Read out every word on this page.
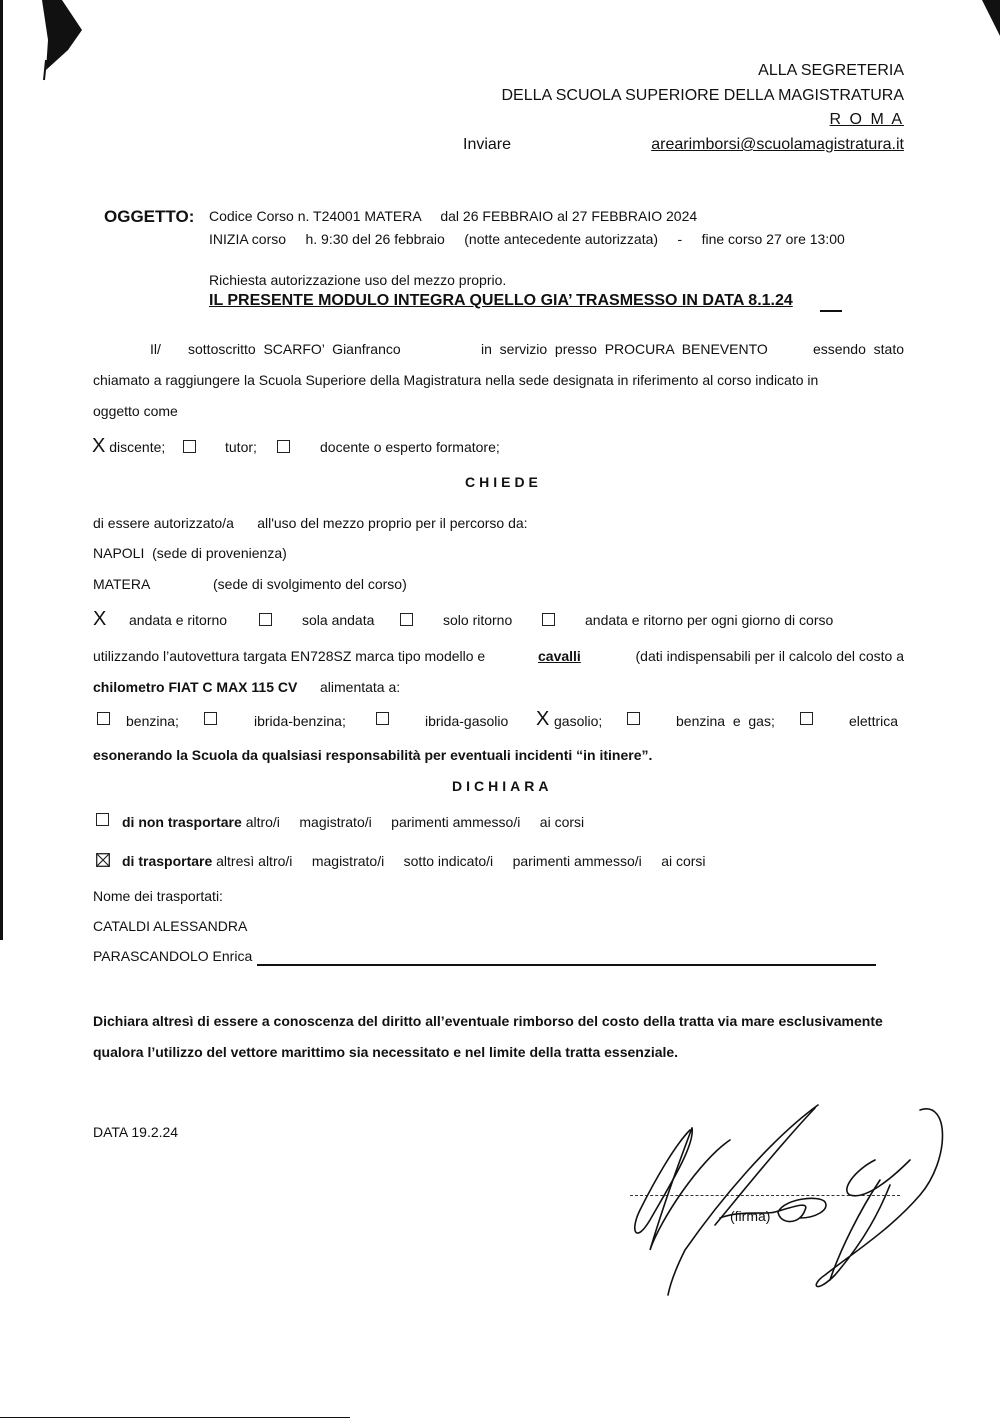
ALLA SEGRETERIA
DELLA SCUOLA SUPERIORE DELLA MAGISTRATURA
R O M A
Inviare	arearimborsi@scuolamagistratura.it
OGGETTO: Codice Corso n. T24001 MATERA     dal 26 FEBBRAIO al 27 FEBBRAIO 2024
INIZIA corso     h. 9:30 del 26 febbraio     (notte antecedente autorizzata)     -     fine corso 27 ore 13:00
Richiesta autorizzazione uso del mezzo proprio.
IL PRESENTE MODULO INTEGRA QUELLO GIA’ TRASMESSO IN DATA 8.1.24
Il/ sottoscritto  SCARFO’  Gianfranco	in  servizio  presso  PROCURA  BENEVENTO	essendo  stato
chiamato a raggiungere la Scuola Superiore della Magistratura nella sede designata in riferimento al corso indicato in
oggetto come
X discente;	tutor;	docente o esperto formatore;
CHIEDE
di essere autorizzato/a      all'uso del mezzo proprio per il percorso da:
NAPOLI  (sede di provenienza)
MATERA	(sede di svolgimento del corso)
X andata e ritorno	sola andata	solo ritorno	andata e ritorno per ogni giorno di corso
utilizzando l’autovettura targata EN728SZ marca tipo modello e	cavalli	(dati indispensabili per il calcolo del costo a
chilometro FIAT C MAX 115 CV alimentata a:
benzina;	ibrida-benzina;	ibrida-gasolio X gasolio;	benzina  e  gas;	elettrica
esonerando la Scuola da qualsiasi responsabilità per eventuali incidenti “in itinere”.
DICHIARA
di non trasportare altro/i     magistrato/i     parimenti ammesso/i     ai corsi
di trasportare altresì altro/i     magistrato/i     sotto indicato/i     parimenti ammesso/i     ai corsi
Nome dei trasportati:
CATALDI ALESSANDRA
PARASCANDOLO Enrica
Dichiara altresì di essere a conoscenza del diritto all’eventuale rimborso del costo della tratta via mare esclusivamente
qualora l’utilizzo del vettore marittimo sia necessitato e nel limite della tratta essenziale.
DATA 19.2.24
(firma)
